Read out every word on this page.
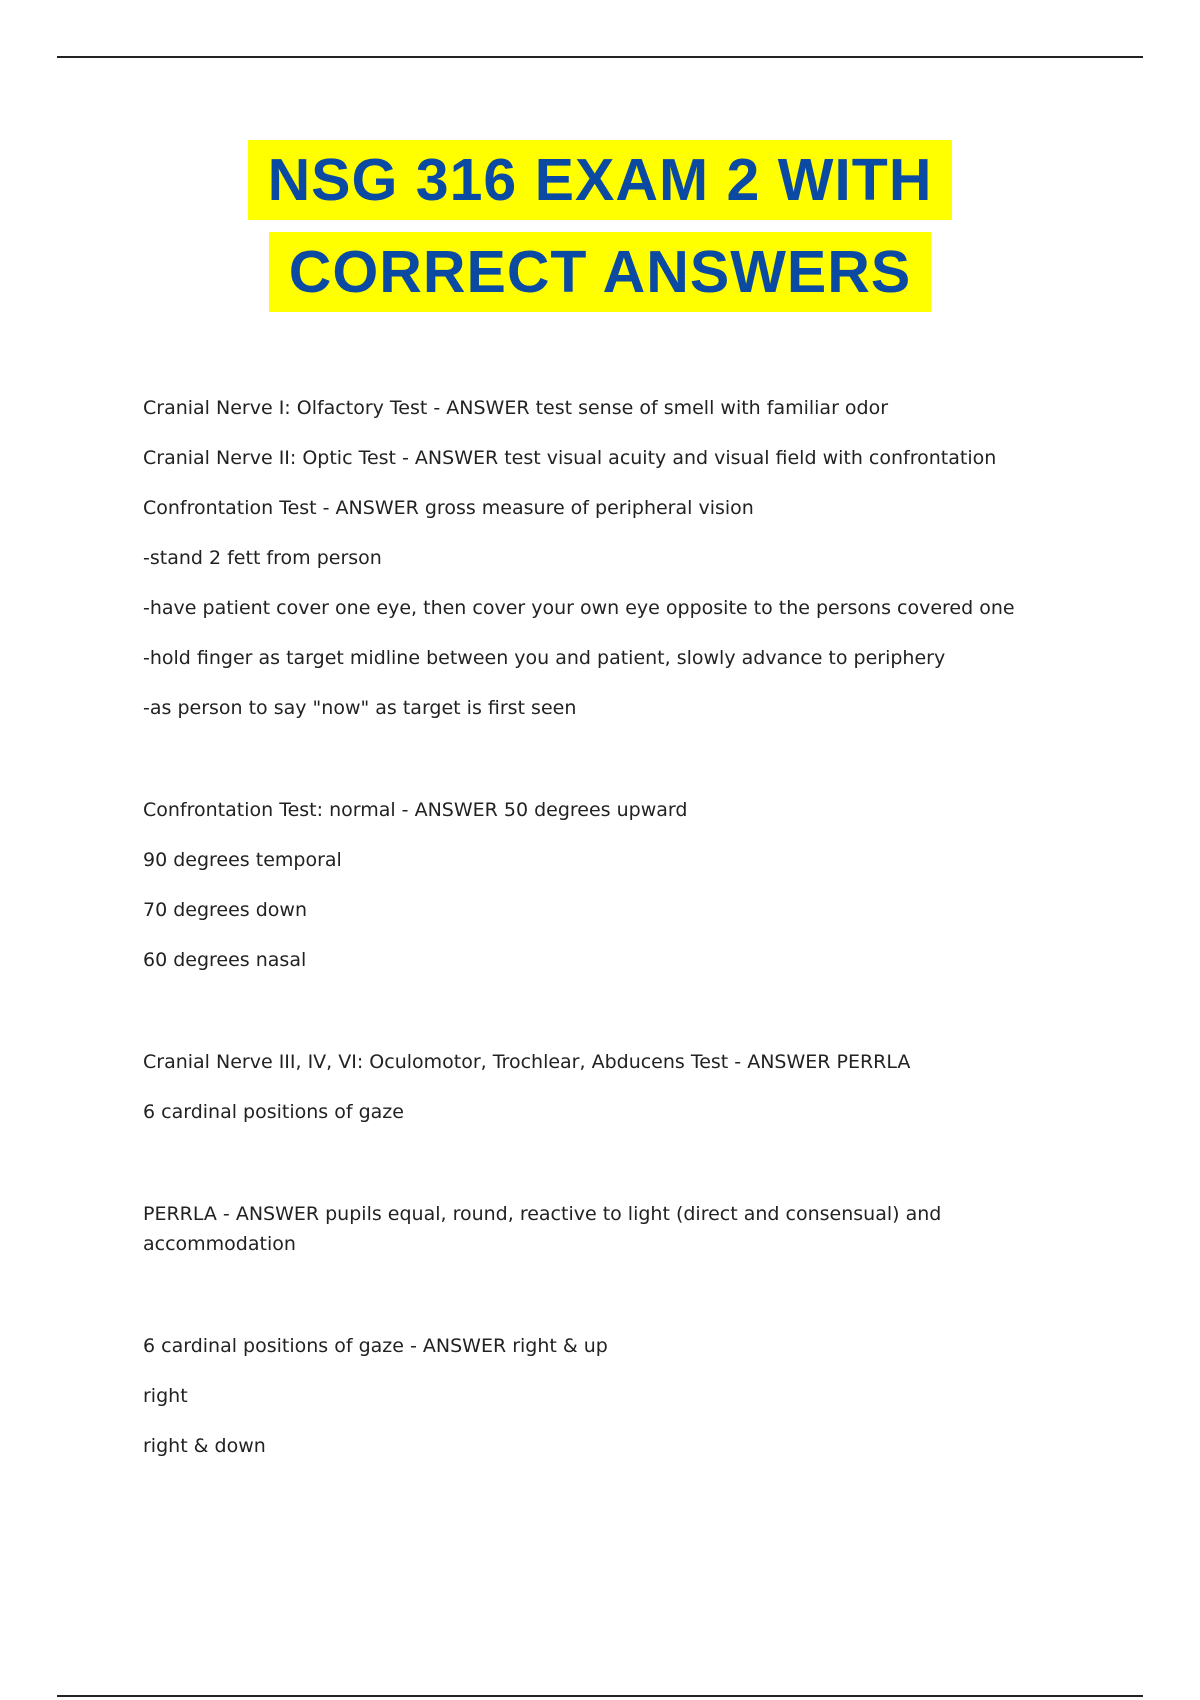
NSG 316 EXAM 2 WITH
CORRECT ANSWERS

Cranial Nerve I: Olfactory Test - ANSWER test sense of smell with familiar odor

Cranial Nerve II: Optic Test - ANSWER test visual acuity and visual field with confrontation

Confrontation Test - ANSWER gross measure of peripheral vision

-stand 2 fett from person

-have patient cover one eye, then cover your own eye opposite to the persons covered one

-hold finger as target midline between you and patient, slowly advance to periphery

-as person to say "now" as target is first seen

Confrontation Test: normal - ANSWER 50 degrees upward

90 degrees temporal

70 degrees down

60 degrees nasal

Cranial Nerve III, IV, VI: Oculomotor, Trochlear, Abducens Test - ANSWER PERRLA

6 cardinal positions of gaze

PERRLA - ANSWER pupils equal, round, reactive to light (direct and consensual) and accommodation

6 cardinal positions of gaze - ANSWER right & up

right

right & down
